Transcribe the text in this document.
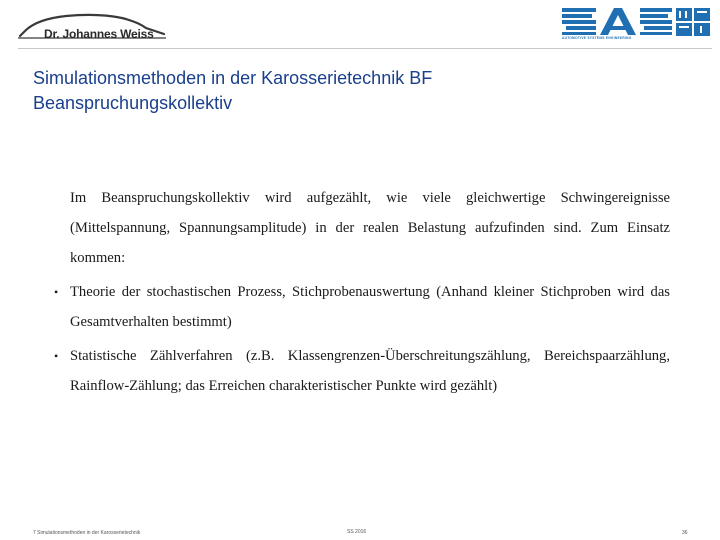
Dr. Johannes Weiss	AUTOMOTIVE SYSTEMS ENGINEERING
Simulationsmethoden in der Karosserietechnik BF
Beanspruchungskollektiv

Im Beanspruchungskollektiv wird aufgezählt, wie viele gleichwertige Schwingereignisse (Mittelspannung, Spannungsamplitude) in der realen Belastung aufzufinden sind. Zum Einsatz kommen:

• Theorie der stochastischen Prozess, Stichprobenauswertung (Anhand kleiner Stichproben wird das Gesamtverhalten bestimmt)

• Statistische Zählverfahren (z.B. Klassengrenzen-Überschreitungszählung, Bereichspaarzählung, Rainflow-Zählung; das Erreichen charakteristischer Punkte wird gezählt)

7 Simulationsmethoden in der Karosserietechnik	SS 2016	36
